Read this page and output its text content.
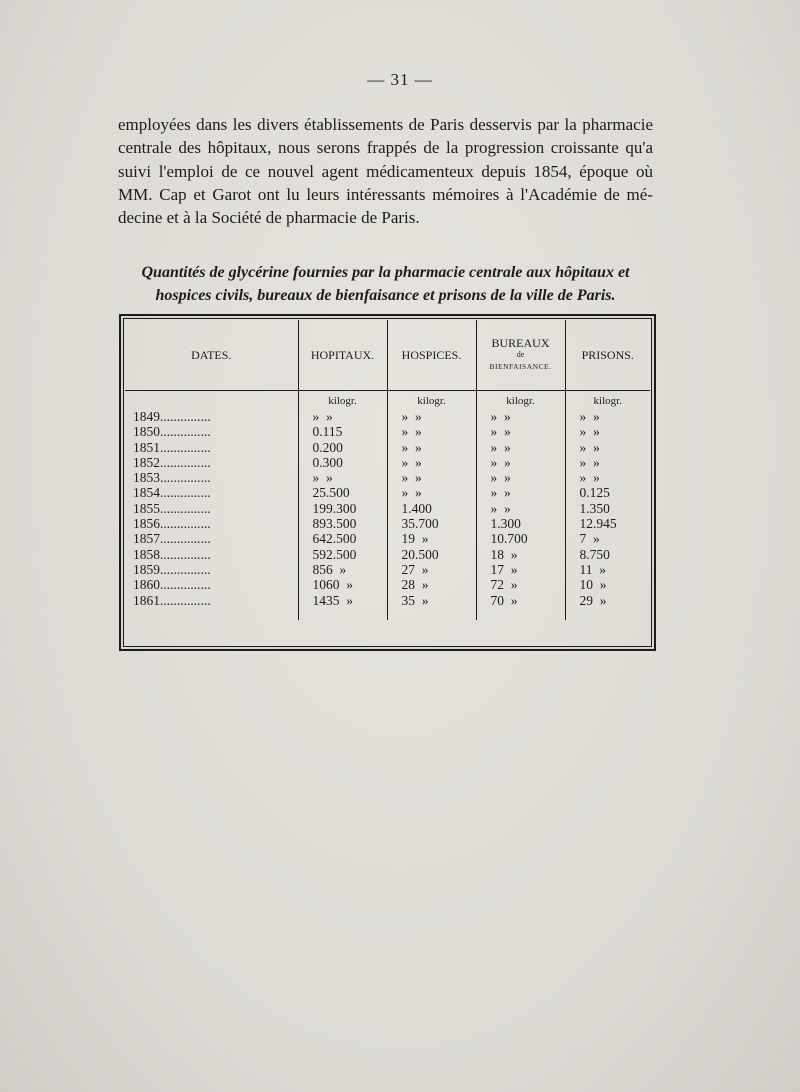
— 31 —
employées dans les divers établissements de Paris desservis par la pharmacie
centrale des hôpitaux, nous serons frappés de la progression croissante qu'a
suivi l'emploi de ce nouvel agent médicamenteux depuis 1854, époque où
MM. Cap et Garot ont lu leurs intéressants mémoires à l'Académie de mé-
decine et à la Société de pharmacie de Paris.
Quantités de glycérine fournies par la pharmacie centrale aux hôpitaux et
hospices civils, bureaux de bienfaisance et prisons de la ville de Paris.
DATES.	HOPITAUX.	HOSPICES.	BUREAUX
de
BIENFAISANCE.	PRISONS.
	kilogr.	kilogr.	kilogr.	kilogr.
1849...............	»  »	»  »	»  »	»  »
1850...............	0.115	»  »	»  »	»  »
1851...............	0.200	»  »	»  »	»  »
1852...............	0.300	»  »	»  »	»  »
1853...............	»  »	»  »	»  »	»  »
1854...............	25.500	»  »	»  »	0.125
1855...............	199.300	1.400	»  »	1.350
1856...............	893.500	35.700	1.300	12.945
1857...............	642.500	19  »	10.700	7  »
1858...............	592.500	20.500	18  »	8.750
1859...............	856  »	27  »	17  »	11  »
1860...............	1060  »	28  »	72  »	10  »
1861...............	1435  »	35  »	70  »	29  »
